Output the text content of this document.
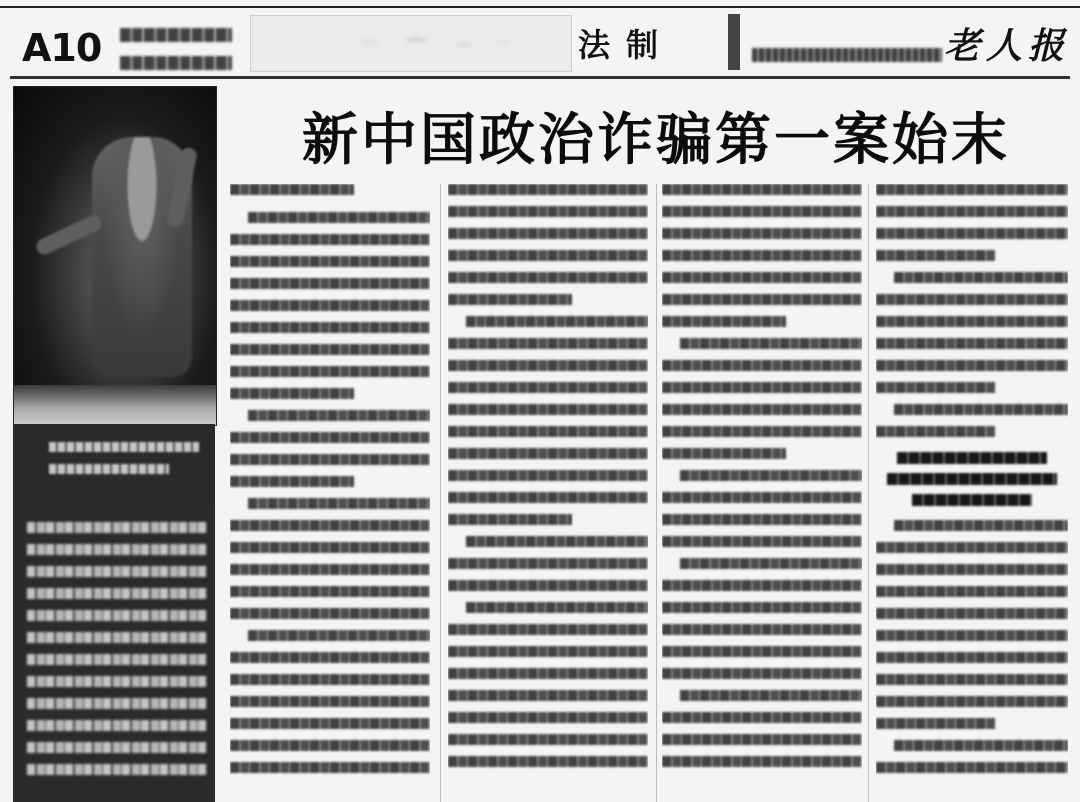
A10	法制	老人报
新中国政治诈骗第一案始末
